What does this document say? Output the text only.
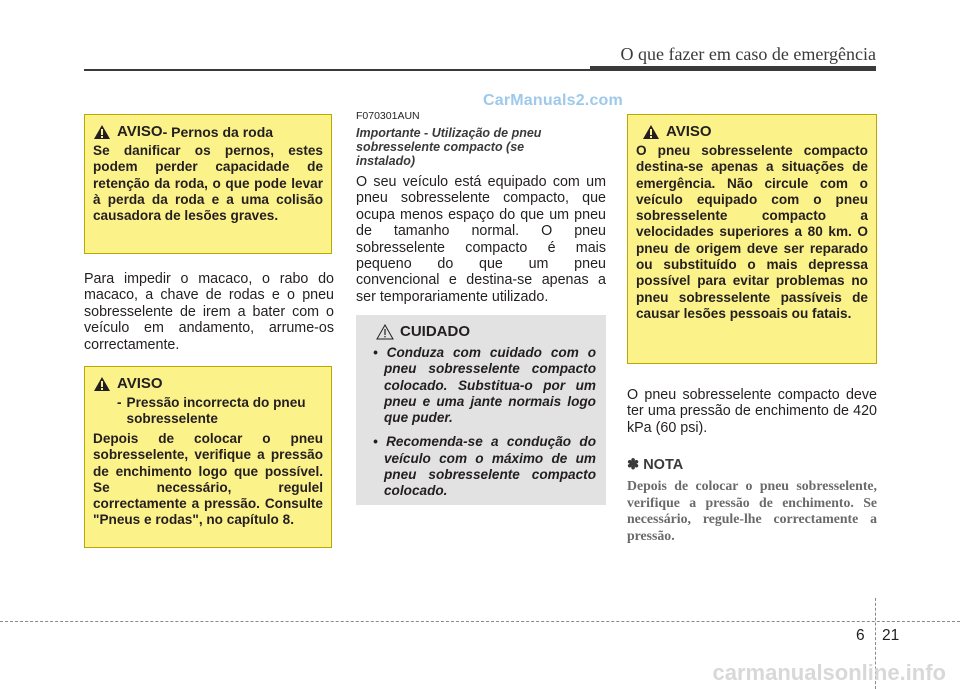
O que fazer em caso de emergência
CarManuals2.com
AVISO - Pernos da roda
Se danificar os pernos, estes podem perder capacidade de retenção da roda, o que pode levar à perda da roda e a uma colisão causadora de lesões graves.
Para impedir o macaco, o rabo do macaco, a chave de rodas e o pneu sobresselente de irem a bater com o veículo em andamento, arrume-os correctamente.
AVISO
- Pressão incorrecta do pneu sobresselente
Depois de colocar o pneu sobresselente, verifique a pressão de enchimento logo que possível. Se necessário, regulel correctamente a pressão. Consulte "Pneus e rodas", no capítulo 8.
F070301AUN
Importante - Utilização de pneu sobresselente compacto (se instalado)
O seu veículo está equipado com um pneu sobresselente compacto, que ocupa menos espaço do que um pneu de tamanho normal. O pneu sobresselente compacto é mais pequeno do que um pneu convencional e destina-se apenas a ser temporariamente utilizado.
CUIDADO
• Conduza com cuidado com o pneu sobresselente compacto colocado. Substitua-o por um pneu e uma jante normais logo que puder.
• Recomenda-se a condução do veículo com o máximo de um pneu sobresselente compacto colocado.
AVISO
O pneu sobresselente compacto destina-se apenas a situações de emergência. Não circule com o veículo equipado com o pneu sobresselente compacto a velocidades superiores a 80 km. O pneu de origem deve ser reparado ou substituído o mais depressa possível para evitar problemas no pneu sobresselente passíveis de causar lesões pessoais ou fatais.
O pneu sobresselente compacto deve ter uma pressão de enchimento de 420 kPa (60 psi).
✽ NOTA
Depois de colocar o pneu sobresselente, verifique a pressão de enchimento. Se necessário, regule-lhe correctamente a pressão.
6 21
carmanualsonline.info
